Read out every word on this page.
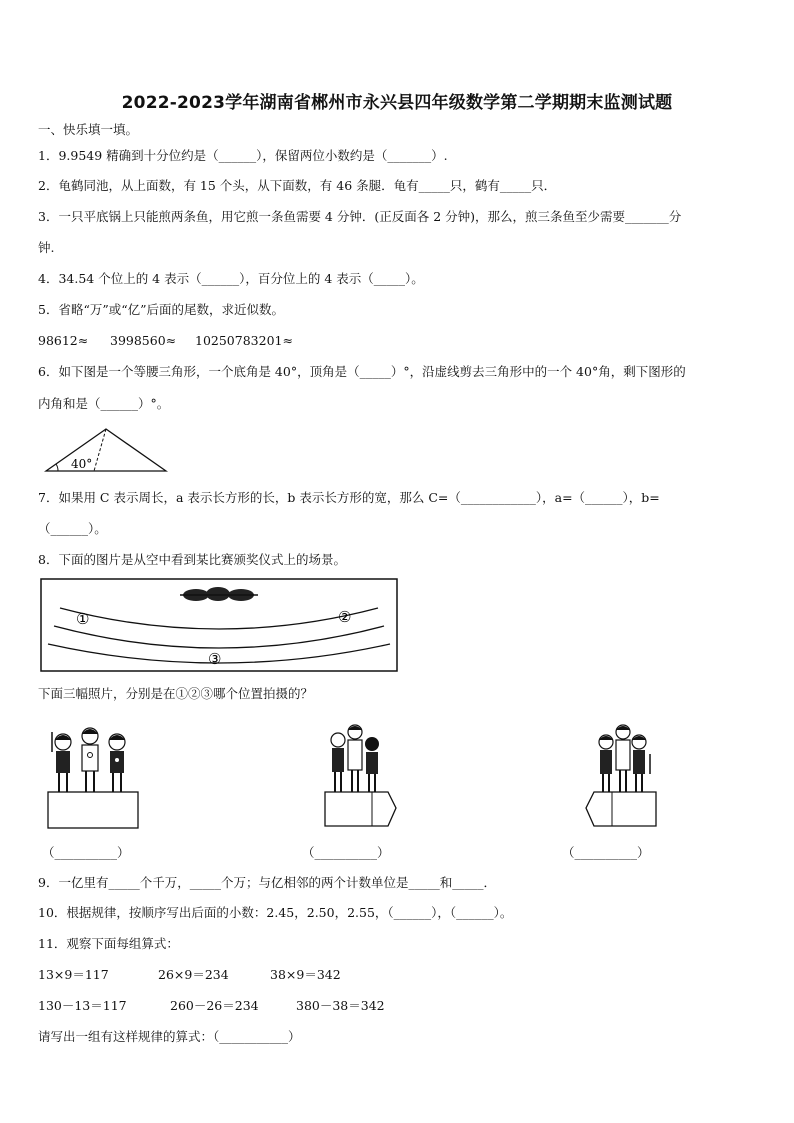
2022-2023学年湖南省郴州市永兴县四年级数学第二学期期末监测试题
一、快乐填一填。
1．9.9549 精确到十分位约是（______），保留两位小数约是（_______）.
2．龟鹤同池，从上面数，有 15 个头，从下面数，有 46 条腿．龟有_____只，鹤有_____只．
3．一只平底锅上只能煎两条鱼，用它煎一条鱼需要 4 分钟．(正反面各 2 分钟)，那么，煎三条鱼至少需要_______分
钟.
4．34.54 个位上的 4 表示（______），百分位上的 4 表示（_____）。
5．省略“万”或“亿”后面的尾数，求近似数。
98612≈ 3998560≈ 10250783201≈
6．如下图是一个等腰三角形，一个底角是 40°，顶角是（_____）°，沿虚线剪去三角形中的一个 40°角，剩下图形的
内角和是（______）°。
40°
7．如果用 C 表示周长，a 表示长方形的长，b 表示长方形的宽，那么 C=（____________），a=（______），b=
（______）。
8．下面的图片是从空中看到某比赛颁奖仪式上的场景。
①	②
③
下面三幅照片，分别是在①②③哪个位置拍摄的？
（__________）	（__________）	（__________）
9．一亿里有_____个千万，_____个万；与亿相邻的两个计数单位是_____和_____．
10．根据规律，按顺序写出后面的小数：2.45，2.50，2.55，（______），（______）。
11．观察下面每组算式：
13×9＝117	26×9＝234	38×9＝342
130－13＝117	260－26＝234	380－38＝342
请写出一组有这样规律的算式：（___________）
